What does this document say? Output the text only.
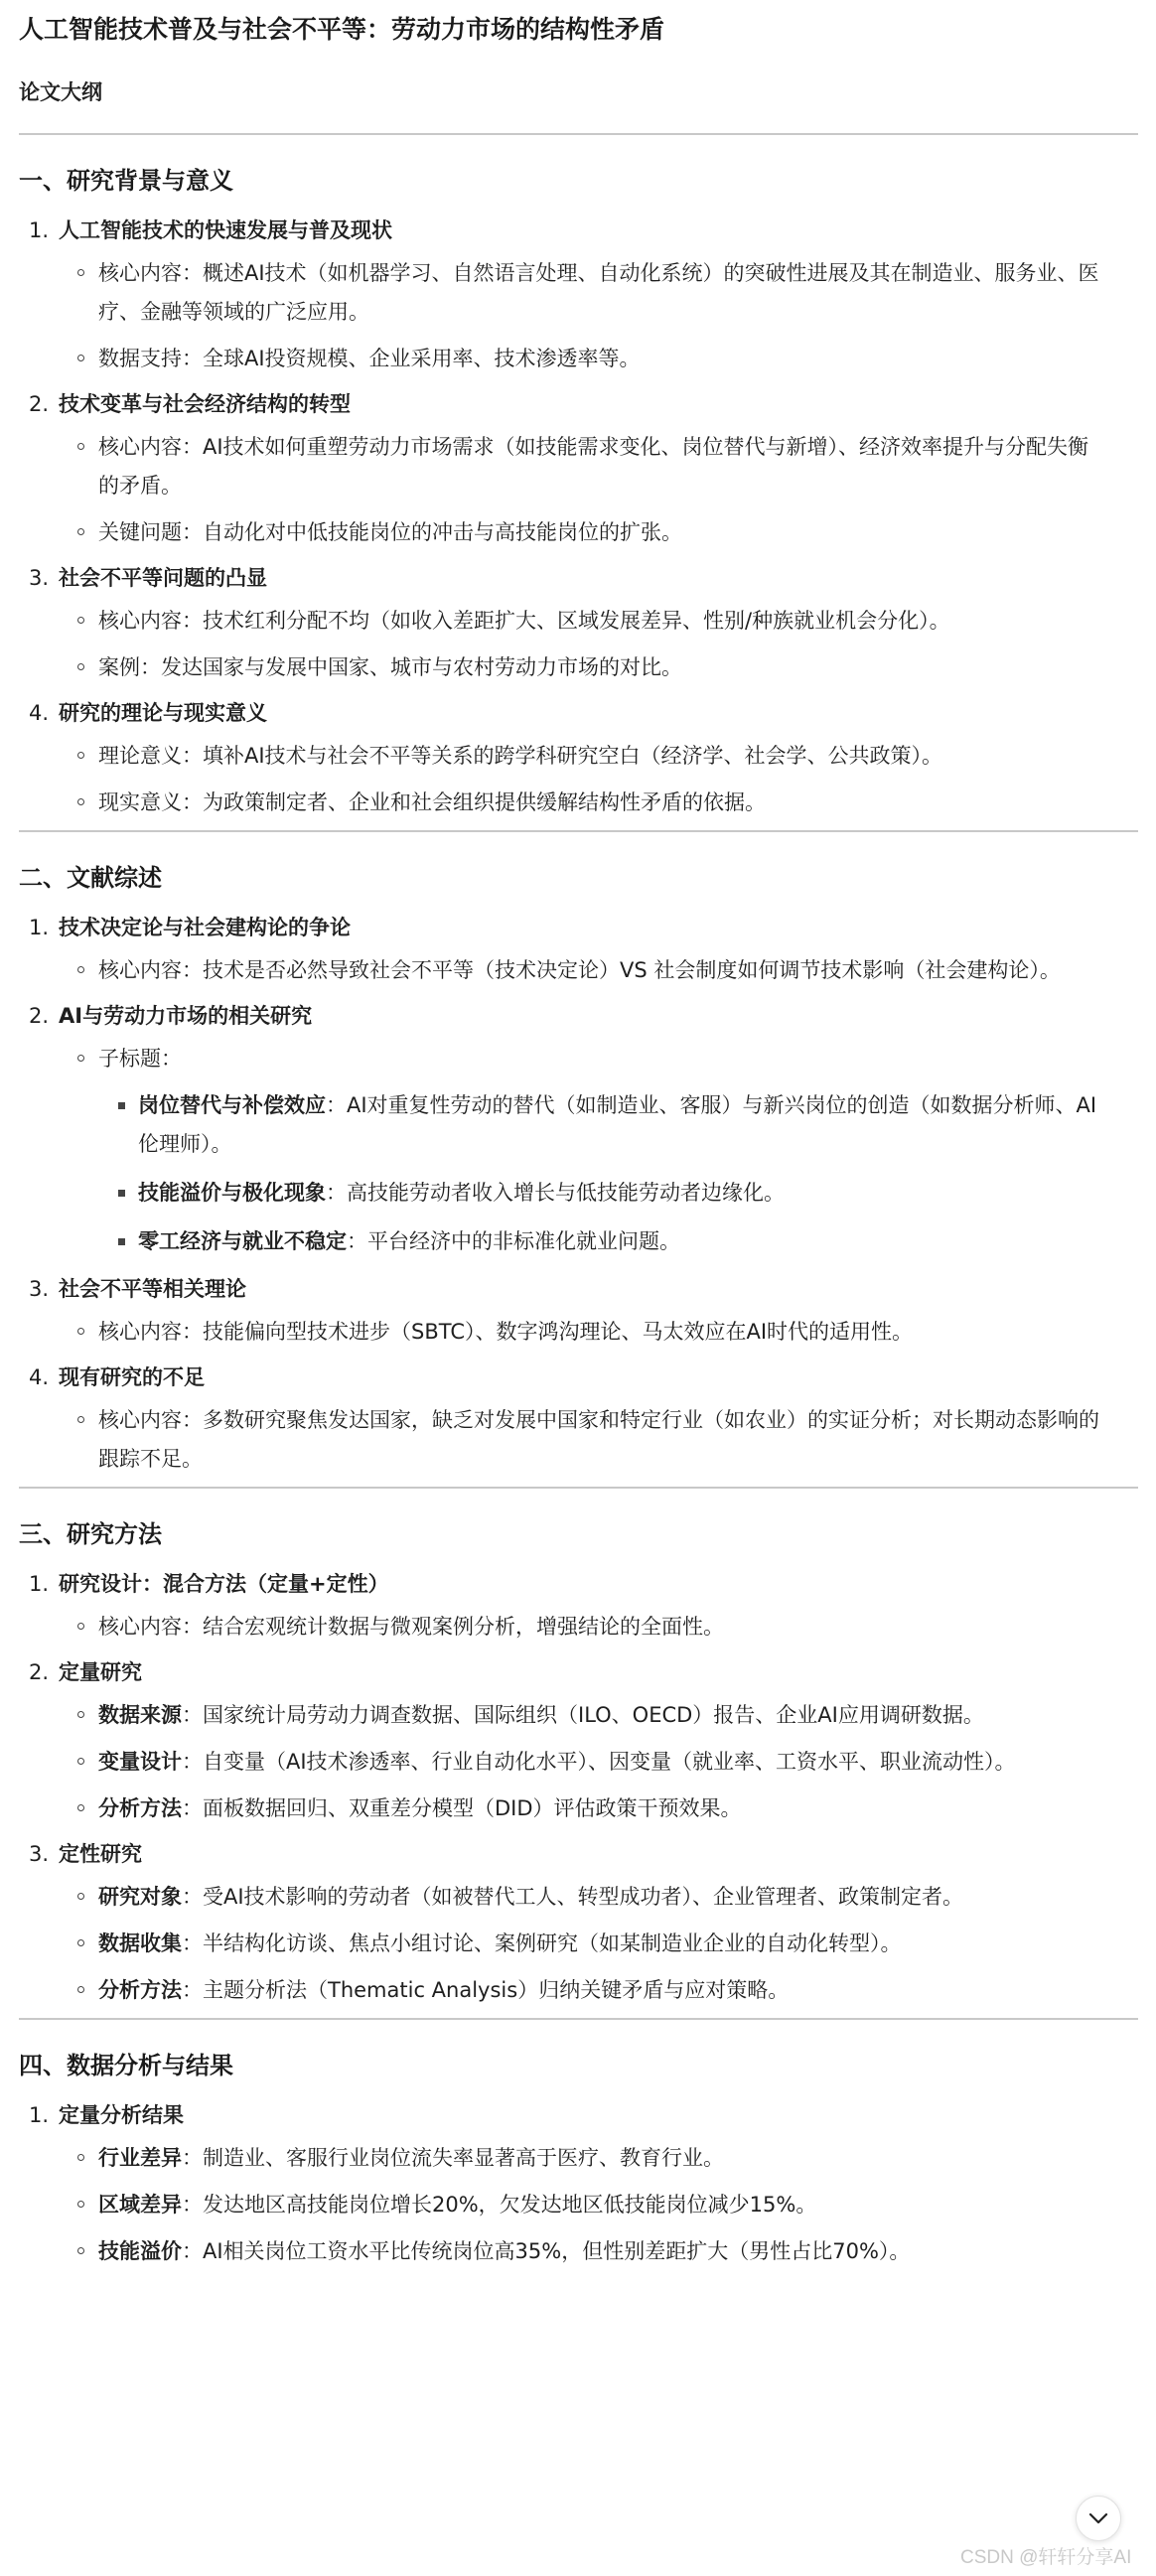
人工智能技术普及与社会不平等：劳动力市场的结构性矛盾
论文大纲
一、研究背景与意义
1. 人工智能技术的快速发展与普及现状
核心内容：概述AI技术（如机器学习、自然语言处理、自动化系统）的突破性进展及其在制造业、服务业、医疗、金融等领域的广泛应用。
数据支持：全球AI投资规模、企业采用率、技术渗透率等。
2. 技术变革与社会经济结构的转型
核心内容：AI技术如何重塑劳动力市场需求（如技能需求变化、岗位替代与新增）、经济效率提升与分配失衡的矛盾。
关键问题：自动化对中低技能岗位的冲击与高技能岗位的扩张。
3. 社会不平等问题的凸显
核心内容：技术红利分配不均（如收入差距扩大、区域发展差异、性别/种族就业机会分化）。
案例：发达国家与发展中国家、城市与农村劳动力市场的对比。
4. 研究的理论与现实意义
理论意义：填补AI技术与社会不平等关系的跨学科研究空白（经济学、社会学、公共政策）。
现实意义：为政策制定者、企业和社会组织提供缓解结构性矛盾的依据。
二、文献综述
1. 技术决定论与社会建构论的争论
核心内容：技术是否必然导致社会不平等（技术决定论）VS 社会制度如何调节技术影响（社会建构论）。
2. AI与劳动力市场的相关研究
子标题：
岗位替代与补偿效应：AI对重复性劳动的替代（如制造业、客服）与新兴岗位的创造（如数据分析师、AI伦理师）。
技能溢价与极化现象：高技能劳动者收入增长与低技能劳动者边缘化。
零工经济与就业不稳定：平台经济中的非标准化就业问题。
3. 社会不平等相关理论
核心内容：技能偏向型技术进步（SBTC）、数字鸿沟理论、马太效应在AI时代的适用性。
4. 现有研究的不足
核心内容：多数研究聚焦发达国家，缺乏对发展中国家和特定行业（如农业）的实证分析；对长期动态影响的跟踪不足。
三、研究方法
1. 研究设计：混合方法（定量+定性）
核心内容：结合宏观统计数据与微观案例分析，增强结论的全面性。
2. 定量研究
数据来源：国家统计局劳动力调查数据、国际组织（ILO、OECD）报告、企业AI应用调研数据。
变量设计：自变量（AI技术渗透率、行业自动化水平）、因变量（就业率、工资水平、职业流动性）。
分析方法：面板数据回归、双重差分模型（DID）评估政策干预效果。
3. 定性研究
研究对象：受AI技术影响的劳动者（如被替代工人、转型成功者）、企业管理者、政策制定者。
数据收集：半结构化访谈、焦点小组讨论、案例研究（如某制造业企业的自动化转型）。
分析方法：主题分析法（Thematic Analysis）归纳关键矛盾与应对策略。
四、数据分析与结果
1. 定量分析结果
行业差异：制造业、客服行业岗位流失率显著高于医疗、教育行业。
区域差异：发达地区高技能岗位增长20%，欠发达地区低技能岗位减少15%。
技能溢价：AI相关岗位工资水平比传统岗位高35%，但性别差距扩大（男性占比70%）。
CSDN @轩轩分享AI
